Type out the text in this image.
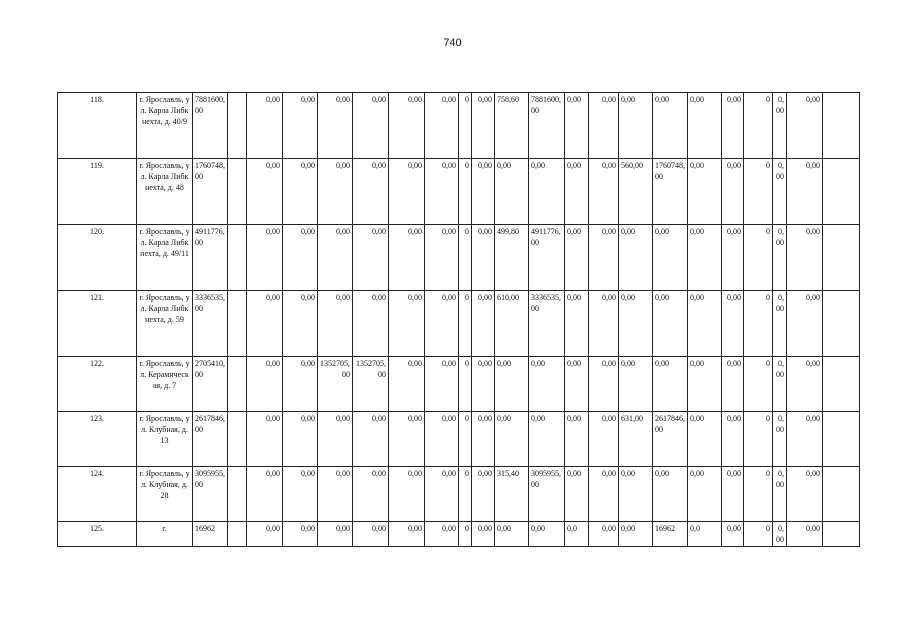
740
118.	г. Ярославль, ул. Карла Либкнехта, д. 40/9	7881600,00		0,00	0,00	0,00	0,00	0,00	0,00	0	0,00	758,60	7881600,00	0,00	0,00	0,00	0,00	0,00	0,00	0	0,00	0,00	
119.	г. Ярославль, ул. Карла Либкнехта, д. 48	1760748,00		0,00	0,00	0,00	0,00	0,00	0,00	0	0,00	0,00	0,00	0,00	0,00	560,00	1760748,00	0,00	0,00	0	0,00	0,00	
120.	г. Ярославль, ул. Карла Либкнехта, д. 49/11	4911776,00		0,00	0,00	0,00	0,00	0,00	0,00	0	0,00	499,80	4911776,00	0,00	0,00	0,00	0,00	0,00	0,00	0	0,00	0,00	
121.	г. Ярославль, ул. Карла Либкнехта, д. 59	3336535,00		0,00	0,00	0,00	0,00	0,00	0,00	0	0,00	610,00	3336535,00	0,00	0,00	0,00	0,00	0,00	0,00	0	0,00	0,00	
122.	г. Ярославль, ул. Керамическая, д. 7	2705410,00		0,00	0,00	1352705,00	1352705,00	0,00	0,00	0	0,00	0,00	0,00	0,00	0,00	0,00	0,00	0,00	0,00	0	0,00	0,00	
123.	г. Ярославль, ул. Клубная, д. 13	2617846,00		0,00	0,00	0,00	0,00	0,00	0,00	0	0,00	0,00	0,00	0,00	0,00	631,00	2617846,00	0,00	0,00	0	0,00	0,00	
124.	г. Ярославль, ул. Клубная, д. 28	3095955,00		0,00	0,00	0,00	0,00	0,00	0,00	0	0,00	315,40	3095955,00	0,00	0,00	0,00	0,00	0,00	0,00	0	0,00	0,00	
125.	г.	16962		0,00	0,00	0,00	0,00	0,00	0,00	0	0,00	0,00	0,00	0,0	0,00	0,00	16962	0,0	0,00	0	0,00	0,00	
